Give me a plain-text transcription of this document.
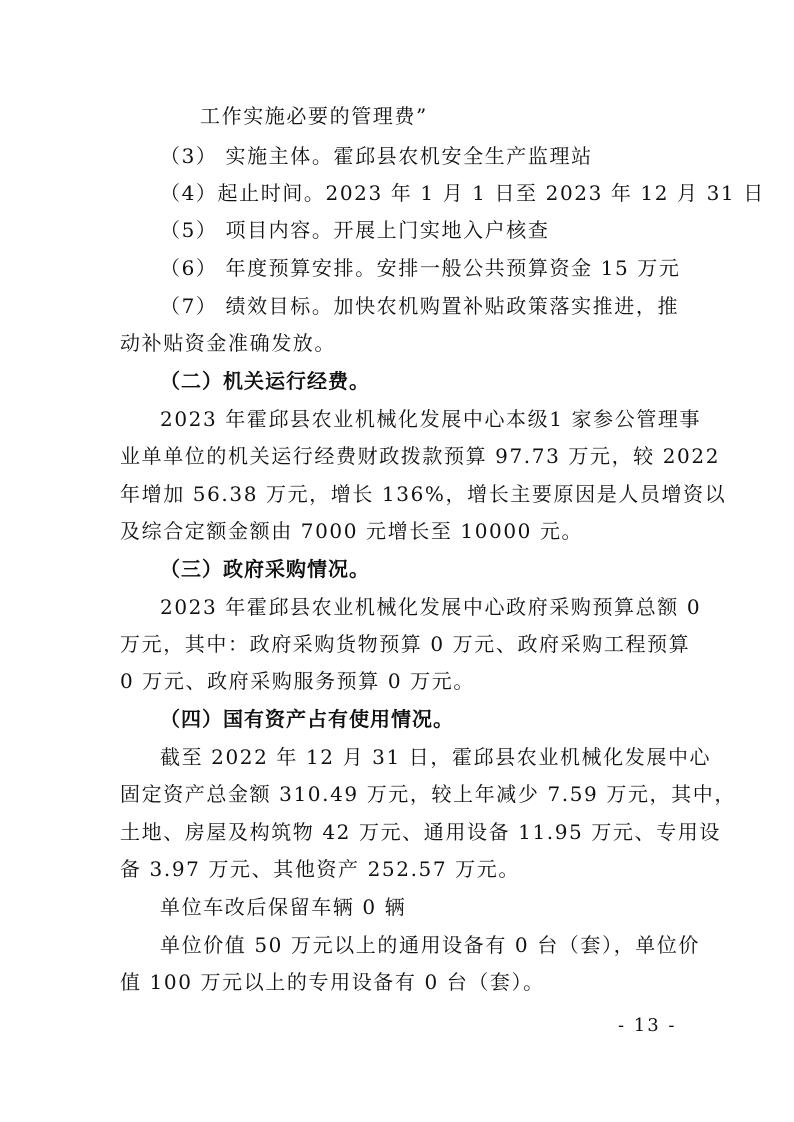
工作实施必要的管理费”
（3） 实施主体。霍邱县农机安全生产监理站
（4）起止时间。2023 年 1 月 1 日至 2023 年 12 月 31 日
（5） 项目内容。开展上门实地入户核查
（6） 年度预算安排。安排一般公共预算资金 15 万元
（7） 绩效目标。加快农机购置补贴政策落实推进，推
动补贴资金准确发放。
（二）机关运行经费。
2023 年霍邱县农业机械化发展中心本级1 家参公管理事
业单单位的机关运行经费财政拨款预算 97.73 万元，较 2022
年增加 56.38 万元，增长 136%，增长主要原因是人员增资以
及综合定额金额由 7000 元增长至 10000 元。
（三）政府采购情况。
2023 年霍邱县农业机械化发展中心政府采购预算总额 0
万元，其中：政府采购货物预算 0 万元、政府采购工程预算
0 万元、政府采购服务预算 0 万元。
（四）国有资产占有使用情况。
截至 2022 年 12 月 31 日，霍邱县农业机械化发展中心
固定资产总金额 310.49 万元，较上年减少 7.59 万元，其中，
土地、房屋及构筑物 42 万元、通用设备 11.95 万元、专用设
备 3.97 万元、其他资产 252.57 万元。
单位车改后保留车辆 0 辆
单位价值 50 万元以上的通用设备有 0 台（套），单位价
值 100 万元以上的专用设备有 0 台（套）。
- 13 -
